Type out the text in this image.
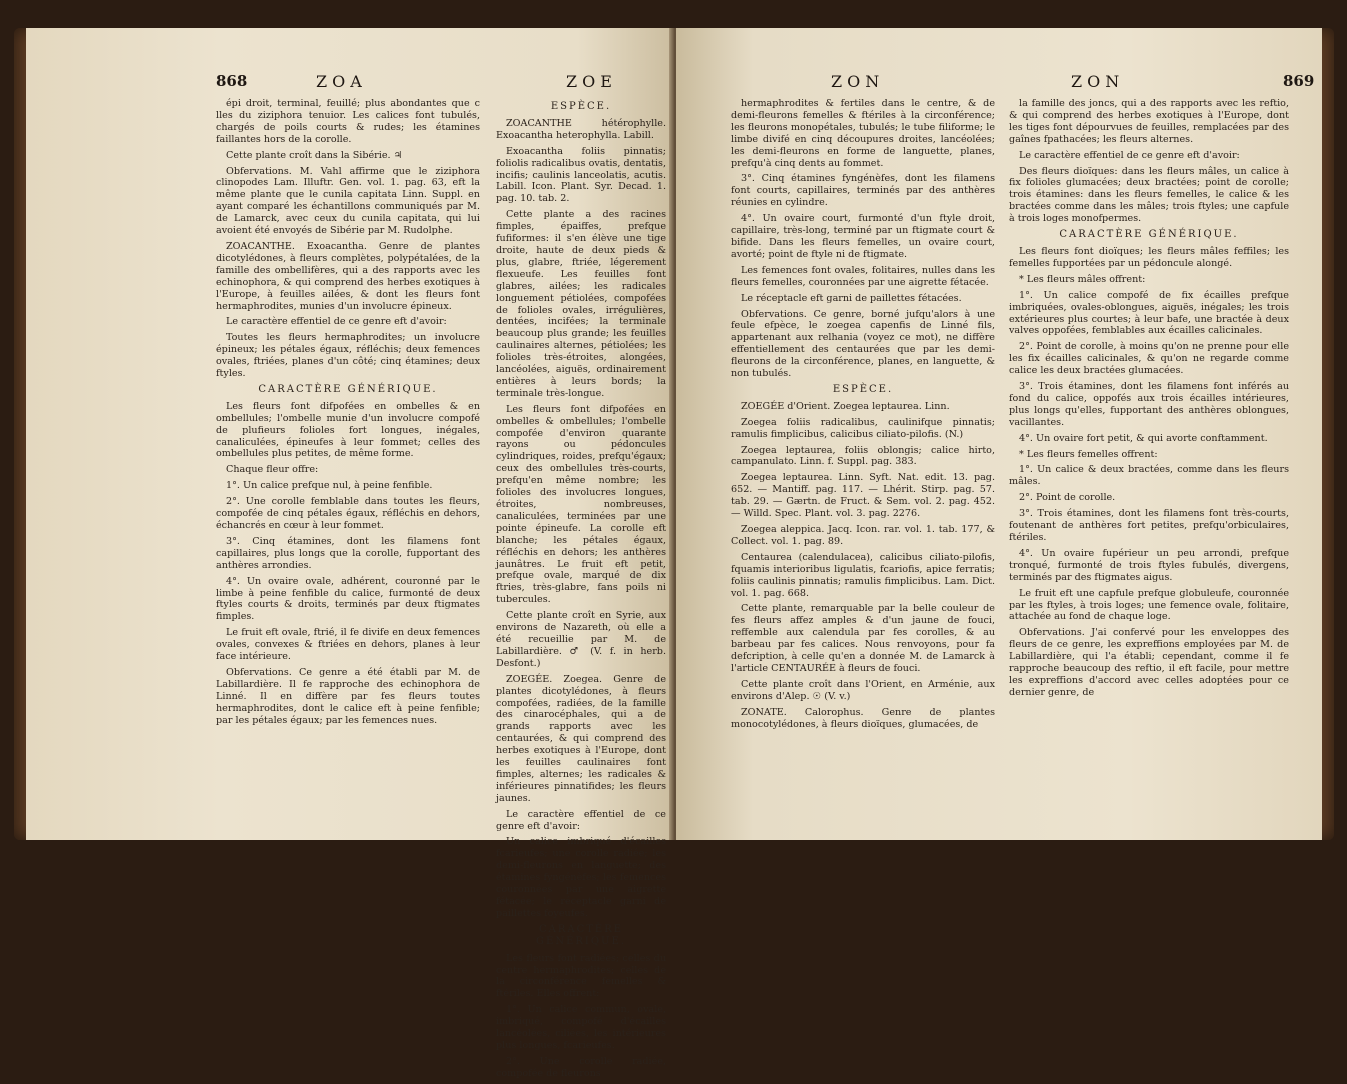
868	ZOA	ZOE

épi droit, terminal, feuillé; plus abondantes que c lles du ziziphora tenuior. Les calices font tubulés, chargés de poils courts & rudes; les étamines faillantes hors de la corolle.

Cette plante croît dans la Sibérie. ♃

Obfervations. M. Vahl affirme que le ziziphora clinopodes Lam. Illuftr. Gen. vol. 1. pag. 63, eft la même plante que le cunila capitata Linn. Suppl. en ayant comparé les échantillons communiqués par M. de Lamarck, avec ceux du cunila capitata, qui lui avoient été envoyés de Sibérie par M. Rudolphe.

ZOACANTHE. Exoacantha. Genre de plantes dicotylédones, à fleurs complètes, polypétalées, de la famille des ombellifères, qui a des rapports avec les echinophora, & qui comprend des herbes exotiques à l'Europe, à feuilles ailées, & dont les fleurs font hermaphrodites, munies d'un involucre épineux.

Le caractère effentiel de ce genre eft d'avoir:

Toutes les fleurs hermaphrodites; un involucre épineux; les pétales égaux, réfléchis; deux femences ovales, ftriées, planes d'un côté; cinq étamines; deux ftyles.

CARACTÈRE GÉNÉRIQUE.

Les fleurs font difpofées en ombelles & en ombellules; l'ombelle munie d'un involucre compofé de plufieurs folioles fort longues, inégales, canaliculées, épineufes à leur fommet; celles des ombellules plus petites, de même forme.

Chaque fleur offre:

1°. Un calice prefque nul, à peine fenfible.

2°. Une corolle femblable dans toutes les fleurs, compofée de cinq pétales égaux, réfléchis en dehors, échancrés en cœur à leur fommet.

3°. Cinq étamines, dont les filamens font capillaires, plus longs que la corolle, fupportant des anthères arrondies.

4°. Un ovaire ovale, adhérent, couronné par le limbe à peine fenfible du calice, furmonté de deux ftyles courts & droits, terminés par deux ftigmates fimples.

Le fruit eft ovale, ftrié, il fe divife en deux femences ovales, convexes & ftriées en dehors, planes à leur face intérieure.

Obfervations. Ce genre a été établi par M. de Labillardière. Il fe rapproche des echinophora de Linné. Il en diffère par fes fleurs toutes hermaphrodites, dont le calice eft à peine fenfible; par les pétales égaux; par les femences nues.

ESPÈCE.

ZOACANTHE hétérophylle. Exoacantha heterophylla. Labill.

Exoacantha foliis pinnatis; foliolis radicalibus ovatis, dentatis, incifis; caulinis lanceolatis, acutis. Labill. Icon. Plant. Syr. Decad. 1. pag. 10. tab. 2.

Cette plante a des racines fimples, épaiffes, prefque fufiformes: il s'en élève une tige droite, haute de deux pieds & plus, glabre, ftriée, légerement flexueufe. Les feuilles font glabres, ailées; les radicales longuement pétiolées, compofées de folioles ovales, irrégulières, dentées, incifées; la terminale beaucoup plus grande; les feuilles caulinaires alternes, pétiolées; les folioles très-étroites, alongées, lancéolées, aiguës, ordinairement entières à leurs bords; la terminale très-longue.

Les fleurs font difpofées en ombelles & ombellules; l'ombelle compofée d'environ quarante rayons ou pédoncules cylindriques, roides, prefqu'égaux; ceux des ombellules très-courts, prefqu'en même nombre; les folioles des involucres longues, étroites, nombreuses, canaliculées, terminées par une pointe épineufe. La corolle eft blanche; les pétales égaux, réfléchis en dehors; les anthères jaunâtres. Le fruit eft petit, prefque ovale, marqué de dix ftries, très-glabre, fans poils ni tubercules.

Cette plante croît en Syrie, aux environs de Nazareth, où elle a été recueillie par M. de Labillardière. ♂ (V. f. in herb. Desfont.)

ZOEGÉE. Zoegea. Genre de plantes dicotylédones, à fleurs compofées, radiées, de la famille des cinarocéphales, qui a de grands rapports avec les centaurées, & qui comprend des herbes exotiques à l'Europe, dont les feuilles caulinaires font fimples, alternes; les radicales & inférieures pinnatifides; les fleurs jaunes.

Le caractère effentiel de ce genre eft d'avoir:

Un calice imbriqué d'écailles fcarieufes; une corolle radiée; les demi-fleurons en languette; des étamines fyngénèfes; les femences couronnées par une aigrette fétacée; le réceptacle garni de paillettes foyeufes.

CARACTÈRE GÉNÉRIQUE.

Les fleurs font radiées; celles du centre hermaphrodites; celles de la circonférence femelles & ftériles. Elles offrent:

1°. Un calice commun, ovale, imbriqué, compofé d'écailles lancéolées, ciliées, les intérieures plus longues, fcarieufes.

2°. Une corolle radiée, compofée de fleurons

ZON	ZON	869

hermaphrodites & fertiles dans le centre, & de demi-fleurons femelles & ftériles à la circonférence; les fleurons monopétales, tubulés; le tube filiforme; le limbe divifé en cinq découpures droites, lancéolées; les demi-fleurons en forme de languette, planes, prefqu'à cinq dents au fommet.

3°. Cinq étamines fyngénèfes, dont les filamens font courts, capillaires, terminés par des anthères réunies en cylindre.

4°. Un ovaire court, furmonté d'un ftyle droit, capillaire, très-long, terminé par un ftigmate court & bifide. Dans les fleurs femelles, un ovaire court, avorté; point de ftyle ni de ftigmate.

Les femences font ovales, folitaires, nulles dans les fleurs femelles, couronnées par une aigrette fétacée.

Le réceptacle eft garni de paillettes fétacées.

Obfervations. Ce genre, borné jufqu'alors à une feule efpèce, le zoegea capenfis de Linné fils, appartenant aux relhania (voyez ce mot), ne diffère effentiellement des centaurées que par les demi-fleurons de la circonférence, planes, en languette, & non tubulés.

ESPÈCE.

ZOEGÉE d'Orient. Zoegea leptaurea. Linn.

Zoegea foliis radicalibus, caulinifque pinnatis; ramulis fimplicibus, calicibus ciliato-pilofis. (N.)

Zoegea leptaurea, foliis oblongis; calice hirto, campanulato. Linn. f. Suppl. pag. 383.

Zoegea leptaurea. Linn. Syft. Nat. edit. 13. pag. 652. — Mantiff. pag. 117. — Lhérit. Stirp. pag. 57. tab. 29. — Gærtn. de Fruct. & Sem. vol. 2. pag. 452. — Willd. Spec. Plant. vol. 3. pag. 2276.

Zoegea aleppica. Jacq. Icon. rar. vol. 1. tab. 177, & Collect. vol. 1. pag. 89.

Centaurea (calendulacea), calicibus ciliato-pilofis, fquamis interioribus ligulatis, fcariofis, apice ferratis; foliis caulinis pinnatis; ramulis fimplicibus. Lam. Dict. vol. 1. pag. 668.

Cette plante, remarquable par la belle couleur de fes fleurs affez amples & d'un jaune de fouci, reffemble aux calendula par fes corolles, & au barbeau par fes calices. Nous renvoyons, pour fa defcription, à celle qu'en a donnée M. de Lamarck à l'article CENTAURÉE à fleurs de fouci.

Cette plante croît dans l'Orient, en Arménie, aux environs d'Alep. ☉ (V. v.)

ZONATE. Calorophus. Genre de plantes monocotylédones, à fleurs dioïques, glumacées, de

la famille des joncs, qui a des rapports avec les reftio, & qui comprend des herbes exotiques à l'Europe, dont les tiges font dépourvues de feuilles, remplacées par des gaînes fpathacées; les fleurs alternes.

Le caractère effentiel de ce genre eft d'avoir:

Des fleurs dioïques: dans les fleurs mâles, un calice à fix folioles glumacées; deux bractées; point de corolle; trois étamines: dans les fleurs femelles, le calice & les bractées comme dans les mâles; trois ftyles; une capfule à trois loges monofpermes.

CARACTÈRE GÉNÉRIQUE.

Les fleurs font dioïques; les fleurs mâles feffiles; les femelles fupportées par un pédoncule alongé.

* Les fleurs mâles offrent:

1°. Un calice compofé de fix écailles prefque imbriquées, ovales-oblongues, aiguës, inégales; les trois extérieures plus courtes; à leur bafe, une bractée à deux valves oppofées, femblables aux écailles calicinales.

2°. Point de corolle, à moins qu'on ne prenne pour elle les fix écailles calicinales, & qu'on ne regarde comme calice les deux bractées glumacées.

3°. Trois étamines, dont les filamens font inférés au fond du calice, oppofés aux trois écailles intérieures, plus longs qu'elles, fupportant des anthères oblongues, vacillantes.

4°. Un ovaire fort petit, & qui avorte conftamment.

* Les fleurs femelles offrent:

1°. Un calice & deux bractées, comme dans les fleurs mâles.

2°. Point de corolle.

3°. Trois étamines, dont les filamens font très-courts, foutenant de anthères fort petites, prefqu'orbiculaires, ftériles.

4°. Un ovaire fupérieur un peu arrondi, prefque tronqué, furmonté de trois ftyles fubulés, divergens, terminés par des ftigmates aigus.

Le fruit eft une capfule prefque globuleufe, couronnée par les ftyles, à trois loges; une femence ovale, folitaire, attachée au fond de chaque loge.

Obfervations. J'ai confervé pour les enveloppes des fleurs de ce genre, les expreffions employées par M. de Labillardière, qui l'a établi; cependant, comme il fe rapproche beaucoup des reftio, il eft facile, pour mettre les expreffions d'accord avec celles adoptées pour ce dernier genre, de
